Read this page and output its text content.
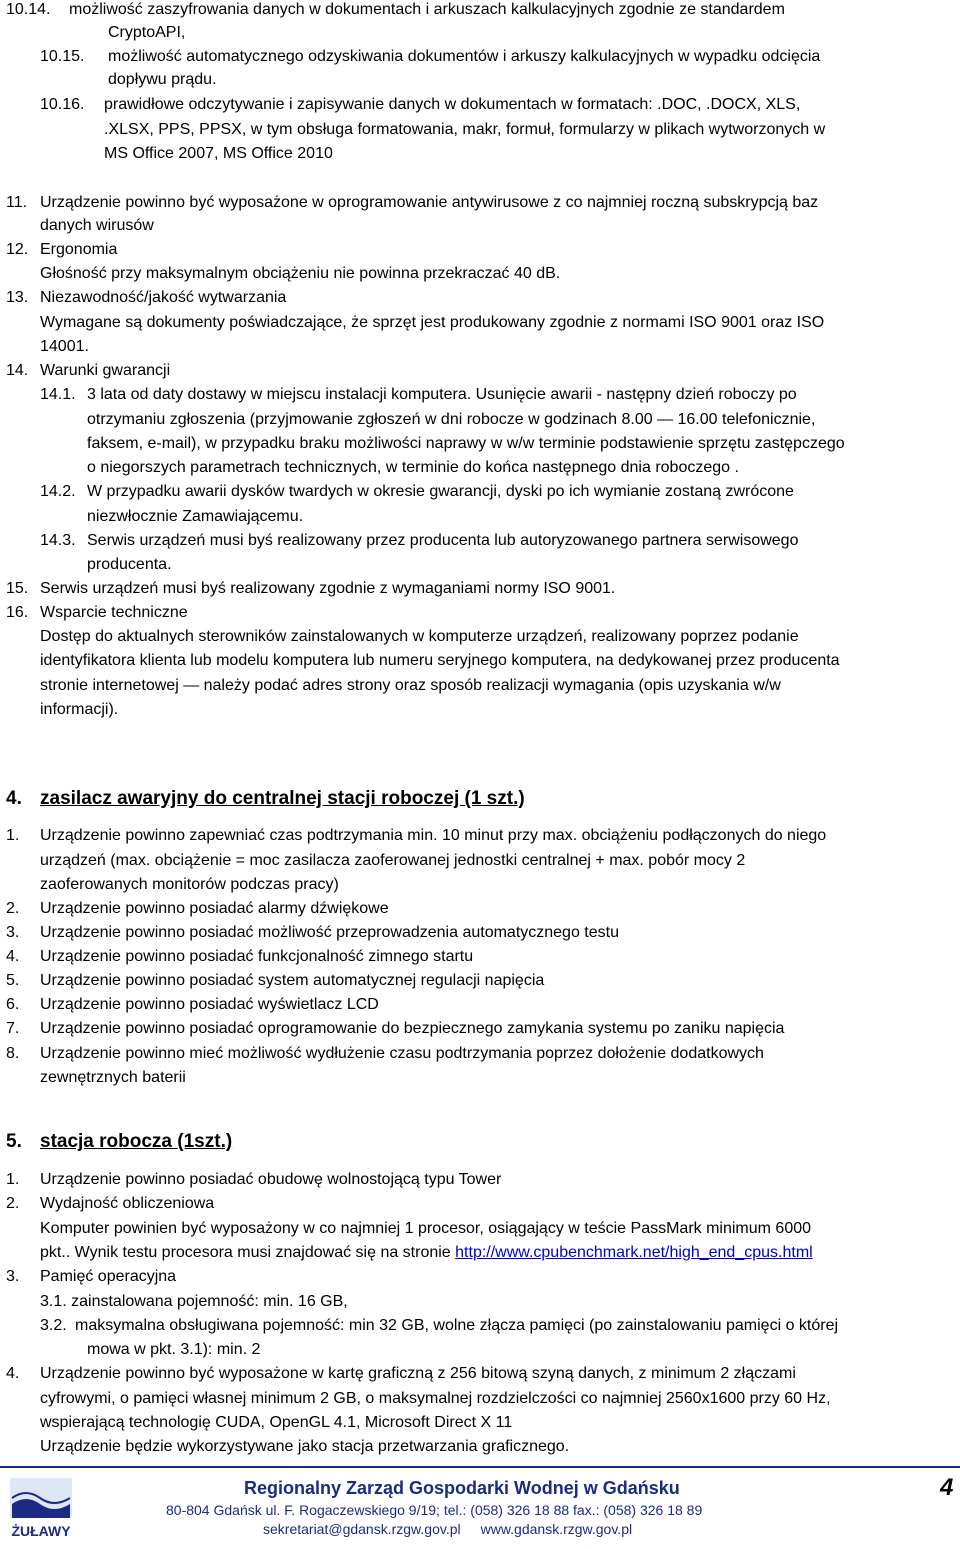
10.14. możliwość zaszyfrowania danych w dokumentach i arkuszach kalkulacyjnych zgodnie ze standardem
CryptoAPI,
10.15. możliwość automatycznego odzyskiwania dokumentów i arkuszy kalkulacyjnych w wypadku odcięcia
dopływu prądu.
10.16. prawidłowe odczytywanie i zapisywanie danych w dokumentach w formatach: .DOC, .DOCX, XLS,
.XLSX, PPS, PPSX, w tym obsługa formatowania, makr, formuł, formularzy w plikach wytworzonych w
MS Office 2007, MS Office 2010
11. Urządzenie powinno być wyposażone w oprogramowanie antywirusowe z co najmniej roczną subskrypcją baz
danych wirusów
12. Ergonomia
Głośność przy maksymalnym obciążeniu nie powinna przekraczać 40 dB.
13. Niezawodność/jakość wytwarzania
Wymagane są dokumenty poświadczające, że sprzęt jest produkowany zgodnie z normami ISO 9001 oraz ISO
14001.
14. Warunki gwarancji
14.1. 3 lata od daty dostawy w miejscu instalacji komputera. Usunięcie awarii - następny dzień roboczy po
otrzymaniu zgłoszenia (przyjmowanie zgłoszeń w dni robocze w godzinach 8.00 — 16.00 telefonicznie,
faksem, e-mail), w przypadku braku możliwości naprawy w w/w terminie podstawienie sprzętu zastępczego
o niegorszych parametrach technicznych, w terminie do końca następnego dnia roboczego .
14.2. W przypadku awarii dysków twardych w okresie gwarancji, dyski po ich wymianie zostaną zwrócone
niezwłocznie Zamawiającemu.
14.3. Serwis urządzeń musi byś realizowany przez producenta lub autoryzowanego partnera serwisowego
producenta.
15. Serwis urządzeń musi byś realizowany zgodnie z wymaganiami normy ISO 9001.
16. Wsparcie techniczne
Dostęp do aktualnych sterowników zainstalowanych w komputerze urządzeń, realizowany poprzez podanie
identyfikatora klienta lub modelu komputera lub numeru seryjnego komputera, na dedykowanej przez producenta
stronie internetowej — należy podać adres strony oraz sposób realizacji wymagania (opis uzyskania w/w
informacji).
4. zasilacz awaryjny do centralnej stacji roboczej (1 szt.)
1. Urządzenie powinno zapewniać czas podtrzymania min. 10 minut przy max. obciążeniu podłączonych do niego
urządzeń (max. obciążenie = moc zasilacza zaoferowanej jednostki centralnej + max. pobór mocy 2
zaoferowanych monitorów podczas pracy)
2. Urządzenie powinno posiadać alarmy dźwiękowe
3. Urządzenie powinno posiadać możliwość przeprowadzenia automatycznego testu
4. Urządzenie powinno posiadać funkcjonalność zimnego startu
5. Urządzenie powinno posiadać system automatycznej regulacji napięcia
6. Urządzenie powinno posiadać wyświetlacz LCD
7. Urządzenie powinno posiadać oprogramowanie do bezpiecznego zamykania systemu po zaniku napięcia
8. Urządzenie powinno mieć możliwość wydłużenie czasu podtrzymania poprzez dołożenie dodatkowych
zewnętrznych baterii
5. stacja robocza (1szt.)
1. Urządzenie powinno posiadać obudowę wolnostojącą typu Tower
2. Wydajność obliczeniowa
Komputer powinien być wyposażony w co najmniej 1 procesor, osiągający w teście PassMark minimum 6000
pkt.. Wynik testu procesora musi znajdować się na stronie http://www.cpubenchmark.net/high_end_cpus.html
3. Pamięć operacyjna
3.1. zainstalowana pojemność: min. 16 GB,
3.2. maksymalna obsługiwana pojemność: min 32 GB, wolne złącza pamięci (po zainstalowaniu pamięci o której
mowa w pkt. 3.1): min. 2
4. Urządzenie powinno być wyposażone w kartę graficzną z 256 bitową szyną danych, z minimum 2 złączami
cyfrowymi, o pamięci własnej minimum 2 GB, o maksymalnej rozdzielczości co najmniej 2560x1600 przy 60 Hz,
wspierającą technologię CUDA, OpenGL 4.1, Microsoft Direct X 11
Urządzenie będzie wykorzystywane jako stacja przetwarzania graficznego.
ŻUŁAWY
Regionalny Zarząd Gospodarki Wodnej w Gdańsku
80-804 Gdańsk ul. F. Rogaczewskiego 9/19; tel.: (058) 326 18 88 fax.: (058) 326 18 89
sekretariat@gdansk.rzgw.gov.pl www.gdansk.rzgw.gov.pl
4
